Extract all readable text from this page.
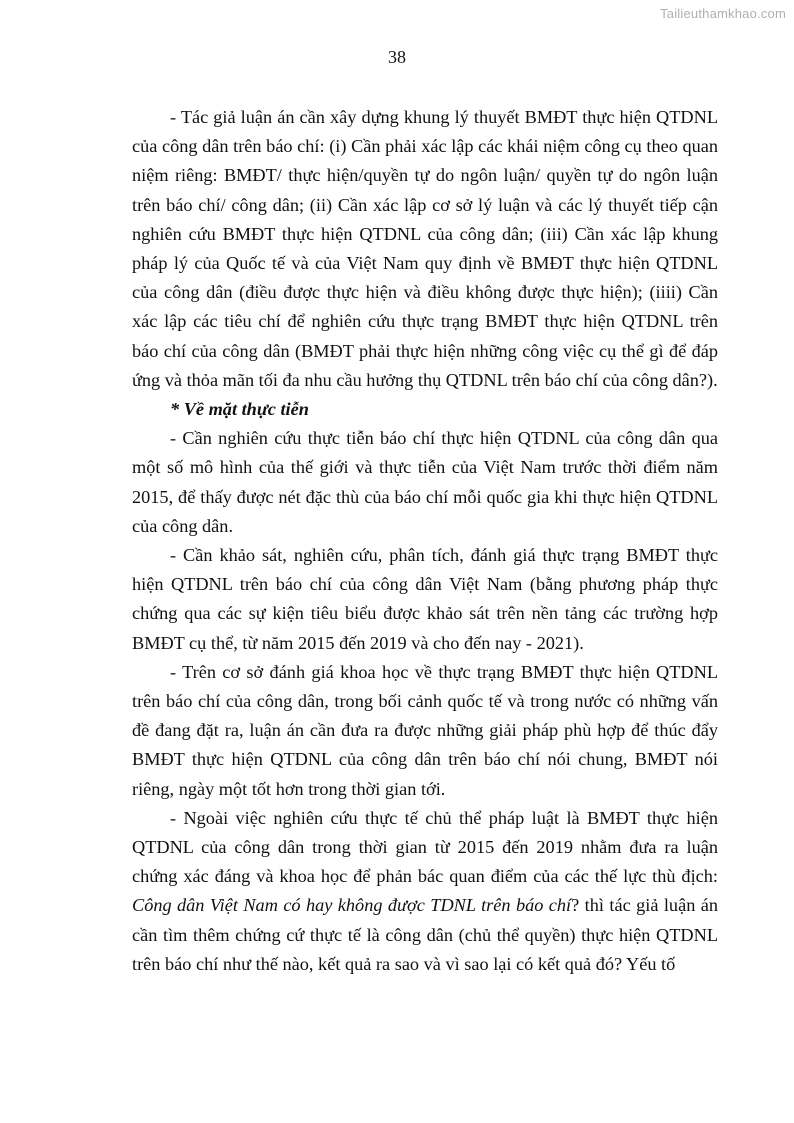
Tailieuthamkhao.com
38

- Tác giả luận án cần xây dựng khung lý thuyết BMĐT thực hiện QTDNL của công dân trên báo chí: (i) Cần phải xác lập các khái niệm công cụ theo quan niệm riêng: BMĐT/ thực hiện/quyền tự do ngôn luận/ quyền tự do ngôn luận trên báo chí/ công dân; (ii) Cần xác lập cơ sở lý luận và các lý thuyết tiếp cận nghiên cứu BMĐT thực hiện QTDNL của công dân; (iii) Cần xác lập khung pháp lý của Quốc tế và của Việt Nam quy định về BMĐT thực hiện QTDNL của công dân (điều được thực hiện và điều không được thực hiện); (iiii) Cần xác lập các tiêu chí để nghiên cứu thực trạng BMĐT thực hiện QTDNL trên báo chí của công dân (BMĐT phải thực hiện những công việc cụ thể gì để đáp ứng và thỏa mãn tối đa nhu cầu hưởng thụ QTDNL trên báo chí của công dân?).

* Về mặt thực tiễn

- Cần nghiên cứu thực tiễn báo chí thực hiện QTDNL của công dân qua một số mô hình của thế giới và thực tiễn của Việt Nam trước thời điểm năm 2015, để thấy được nét đặc thù của báo chí mỗi quốc gia khi thực hiện QTDNL của công dân.

- Cần khảo sát, nghiên cứu, phân tích, đánh giá thực trạng BMĐT thực hiện QTDNL trên báo chí của công dân Việt Nam (bằng phương pháp thực chứng qua các sự kiện tiêu biểu được khảo sát trên nền tảng các trường hợp BMĐT cụ thể, từ năm 2015 đến 2019 và cho đến nay - 2021).

- Trên cơ sở đánh giá khoa học về thực trạng BMĐT thực hiện QTDNL trên báo chí của công dân, trong bối cảnh quốc tế và trong nước có những vấn đề đang đặt ra, luận án cần đưa ra được những giải pháp phù hợp để thúc đẩy BMĐT thực hiện QTDNL của công dân trên báo chí nói chung, BMĐT nói riêng, ngày một tốt hơn trong thời gian tới.

- Ngoài việc nghiên cứu thực tế chủ thể pháp luật là BMĐT thực hiện QTDNL của công dân trong thời gian từ 2015 đến 2019 nhằm đưa ra luận chứng xác đáng và khoa học để phản bác quan điểm của các thế lực thù địch: Công dân Việt Nam có hay không được TDNL trên báo chí? thì tác giả luận án cần tìm thêm chứng cứ thực tế là công dân (chủ thể quyền) thực hiện QTDNL trên báo chí như thế nào, kết quả ra sao và vì sao lại có kết quả đó? Yếu tố
